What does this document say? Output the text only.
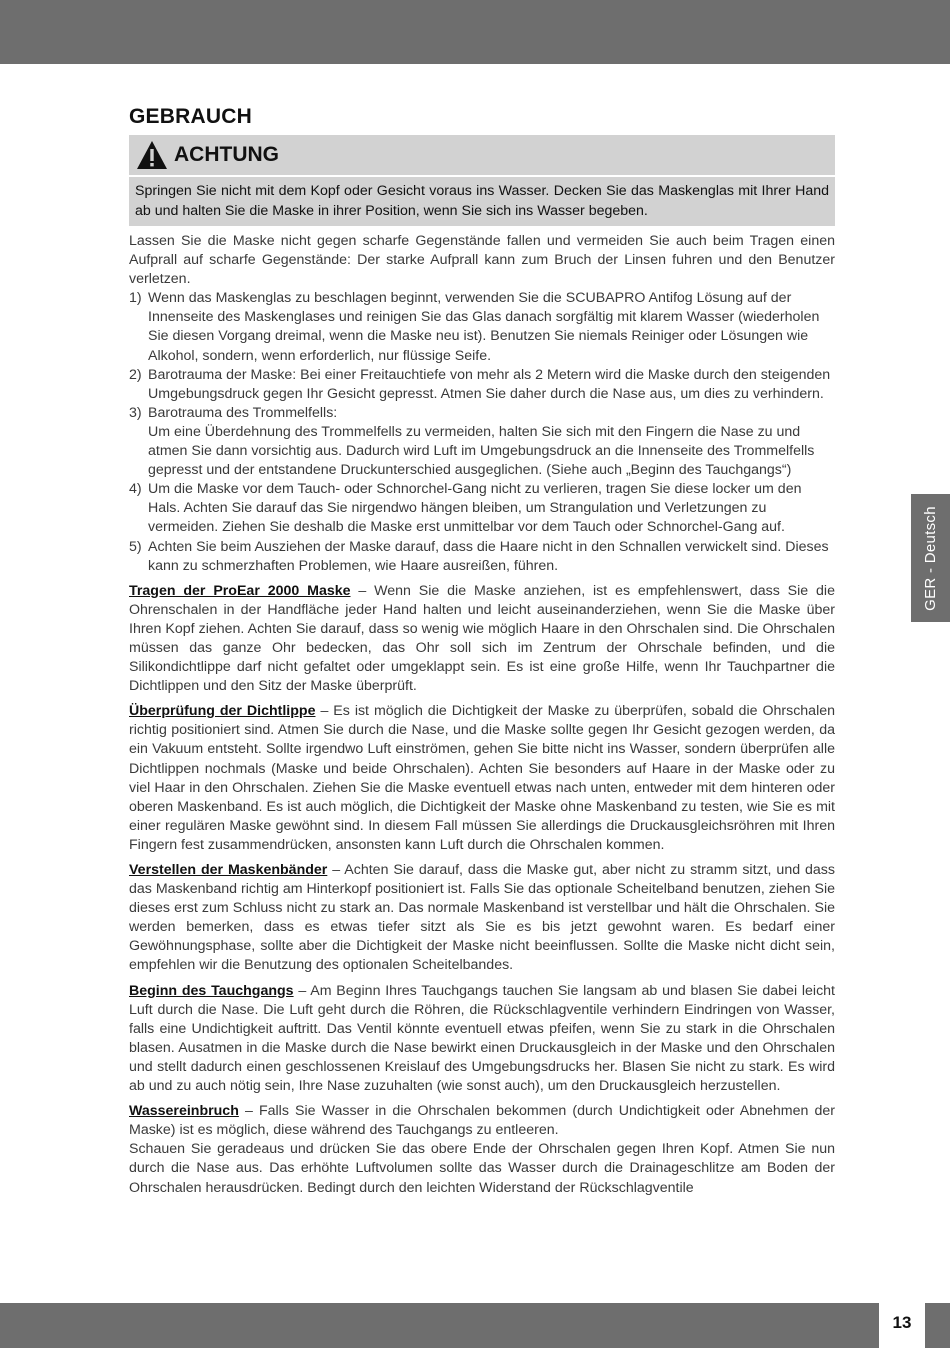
GEBRAUCH
ACHTUNG
Springen Sie nicht mit dem Kopf oder Gesicht voraus ins Wasser. Decken Sie das Maskenglas mit Ihrer Hand ab und halten Sie die Maske in ihrer Position, wenn Sie sich ins Wasser begeben.

Lassen Sie die Maske nicht gegen scharfe Gegenstände fallen und vermeiden Sie auch beim Tragen einen Aufprall auf scharfe Gegenstände: Der starke Aufprall kann zum Bruch der Linsen fuhren und den Benutzer verletzen.

1) Wenn das Maskenglas zu beschlagen beginnt, verwenden Sie die SCUBAPRO Antifog Lösung auf der Innenseite des Maskenglases und reinigen Sie das Glas danach sorgfältig mit klarem Wasser (wiederholen Sie diesen Vorgang dreimal, wenn die Maske neu ist). Benutzen Sie niemals Reiniger oder Lösungen wie Alkohol, sondern, wenn erforderlich, nur flüssige Seife.
2) Barotrauma der Maske: Bei einer Freitauchtiefe von mehr als 2 Metern wird die Maske durch den steigenden Umgebungsdruck gegen Ihr Gesicht gepresst. Atmen Sie daher durch die Nase aus, um dies zu verhindern.
3) Barotrauma des Trommelfells:
Um eine Überdehnung des Trommelfells zu vermeiden, halten Sie sich mit den Fingern die Nase zu und atmen Sie dann vorsichtig aus. Dadurch wird Luft im Umgebungsdruck an die Innenseite des Trommelfells gepresst und der entstandene Druckunterschied ausgeglichen. (Siehe auch „Beginn des Tauchgangs“)
4) Um die Maske vor dem Tauch- oder Schnorchel-Gang nicht zu verlieren, tragen Sie diese locker um den Hals. Achten Sie darauf das Sie nirgendwo hängen bleiben, um Strangulation und Verletzungen zu vermeiden. Ziehen Sie deshalb die Maske erst unmittelbar vor dem Tauch oder Schnorchel-Gang auf.
5) Achten Sie beim Ausziehen der Maske darauf, dass die Haare nicht in den Schnallen verwickelt sind. Dieses kann zu schmerzhaften Problemen, wie Haare ausreißen, führen.

Tragen der ProEar 2000 Maske – Wenn Sie die Maske anziehen, ist es empfehlenswert, dass Sie die Ohrenschalen in der Handfläche jeder Hand halten und leicht auseinanderziehen, wenn Sie die Maske über Ihren Kopf ziehen. Achten Sie darauf, dass so wenig wie möglich Haare in den Ohrschalen sind. Die Ohrschalen müssen das ganze Ohr bedecken, das Ohr soll sich im Zentrum der Ohrschale befinden, und die Silikondichtlippe darf nicht gefaltet oder umgeklappt sein. Es ist eine große Hilfe, wenn Ihr Tauchpartner die Dichtlippen und den Sitz der Maske überprüft.

Überprüfung der Dichtlippe – Es ist möglich die Dichtigkeit der Maske zu überprüfen, sobald die Ohrschalen richtig positioniert sind. Atmen Sie durch die Nase, und die Maske sollte gegen Ihr Gesicht gezogen werden, da ein Vakuum entsteht. Sollte irgendwo Luft einströmen, gehen Sie bitte nicht ins Wasser, sondern überprüfen alle Dichtlippen nochmals (Maske und beide Ohrschalen). Achten Sie besonders auf Haare in der Maske oder zu viel Haar in den Ohrschalen. Ziehen Sie die Maske eventuell etwas nach unten, entweder mit dem hinteren oder oberen Maskenband. Es ist auch möglich, die Dichtigkeit der Maske ohne Maskenband zu testen, wie Sie es mit einer regulären Maske gewöhnt sind. In diesem Fall müssen Sie allerdings die Druckausgleichsröhren mit Ihren Fingern fest zusammendrücken, ansonsten kann Luft durch die Ohrschalen kommen.

Verstellen der Maskenbänder – Achten Sie darauf, dass die Maske gut, aber nicht zu stramm sitzt, und dass das Maskenband richtig am Hinterkopf positioniert ist. Falls Sie das optionale Scheitelband benutzen, ziehen Sie dieses erst zum Schluss nicht zu stark an. Das normale Maskenband ist verstellbar und hält die Ohrschalen. Sie werden bemerken, dass es etwas tiefer sitzt als Sie es bis jetzt gewohnt waren. Es bedarf einer Gewöhnungsphase, sollte aber die Dichtigkeit der Maske nicht beeinflussen. Sollte die Maske nicht dicht sein, empfehlen wir die Benutzung des optionalen Scheitelbandes.

Beginn des Tauchgangs – Am Beginn Ihres Tauchgangs tauchen Sie langsam ab und blasen Sie dabei leicht Luft durch die Nase. Die Luft geht durch die Röhren, die Rückschlagventile verhindern Eindringen von Wasser, falls eine Undichtigkeit auftritt. Das Ventil könnte eventuell etwas pfeifen, wenn Sie zu stark in die Ohrschalen blasen. Ausatmen in die Maske durch die Nase bewirkt einen Druckausgleich in der Maske und den Ohrschalen und stellt dadurch einen geschlossenen Kreislauf des Umgebungsdrucks her. Blasen Sie nicht zu stark. Es wird ab und zu auch nötig sein, Ihre Nase zuzuhalten (wie sonst auch), um den Druckausgleich herzustellen.

Wassereinbruch – Falls Sie Wasser in die Ohrschalen bekommen (durch Undichtigkeit oder Abnehmen der Maske) ist es möglich, diese während des Tauchgangs zu entleeren.

Schauen Sie geradeaus und drücken Sie das obere Ende der Ohrschalen gegen Ihren Kopf. Atmen Sie nun durch die Nase aus. Das erhöhte Luftvolumen sollte das Wasser durch die Drainageschlitze am Boden der Ohrschalen herausdrücken. Bedingt durch den leichten Widerstand der Rückschlagventile

GER - Deutsch
13
